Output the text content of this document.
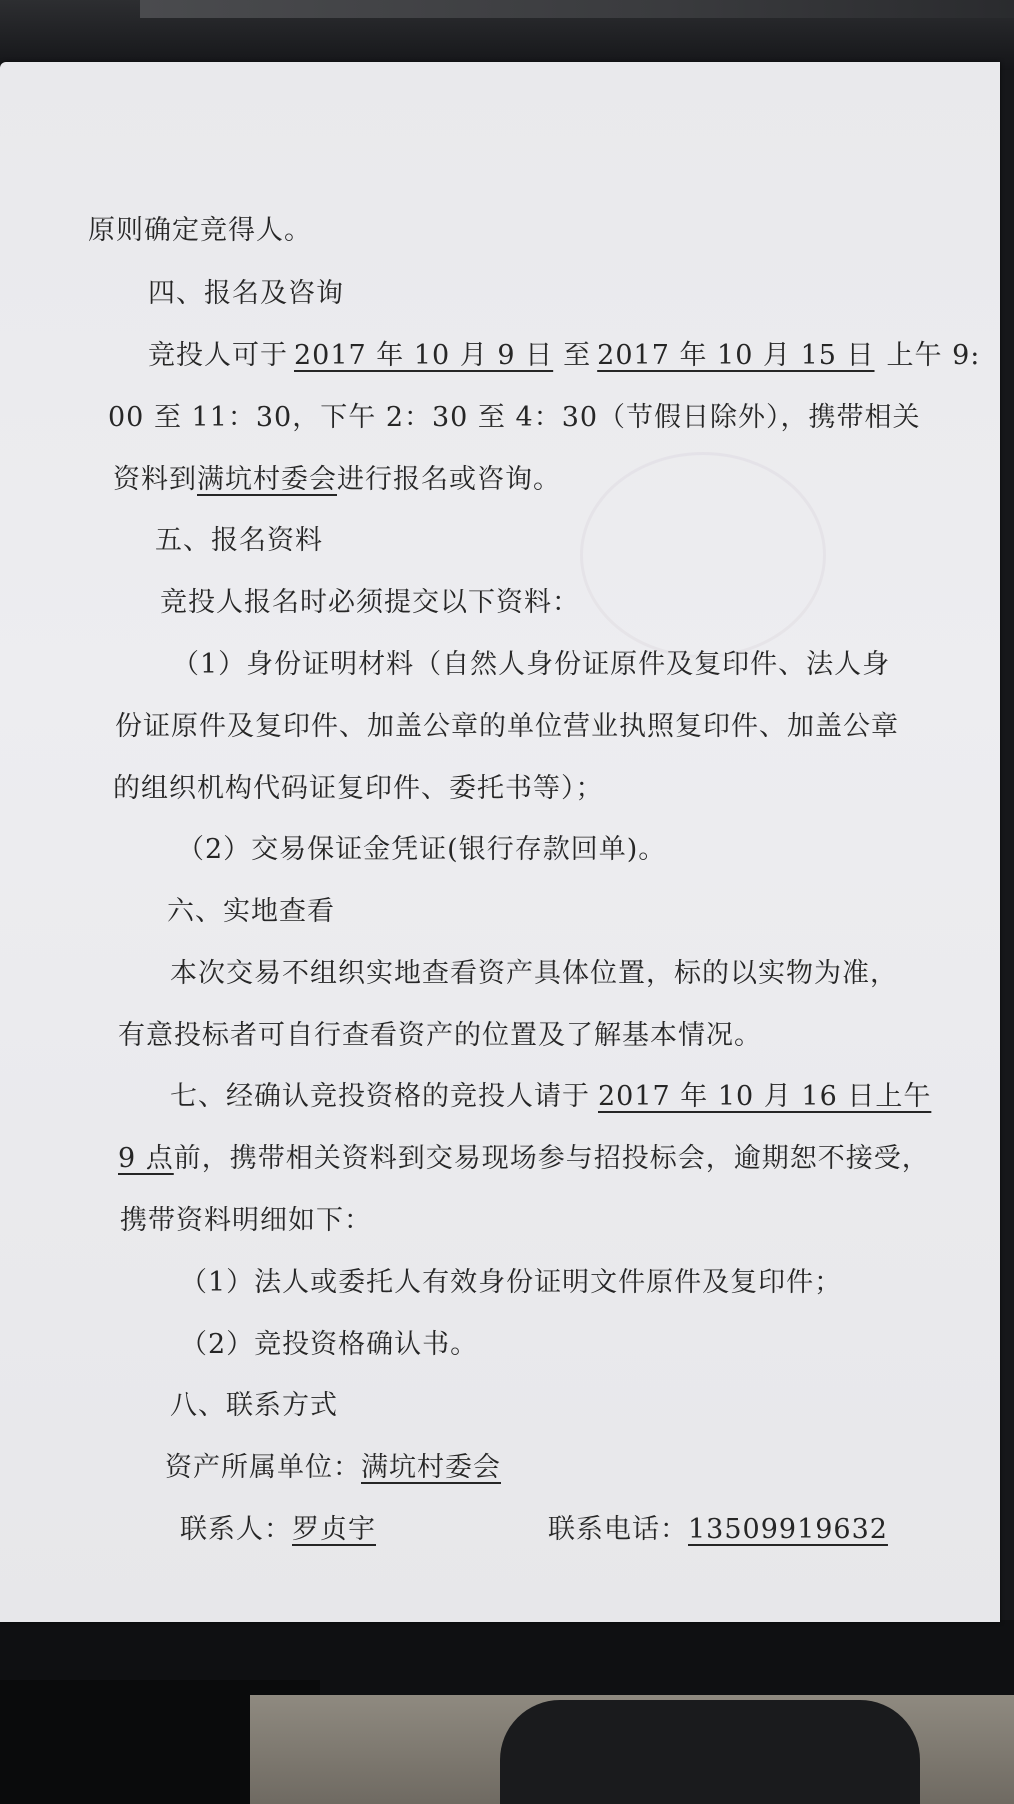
原则确定竞得人。
四、报名及咨询
竞投人可于 2017 年 10 月 9 日 至 2017 年 10 月 15 日 上午 9:
00 至 11：30，下午 2：30 至 4：30（节假日除外），携带相关
资料到满坑村委会进行报名或咨询。
五、报名资料
竞投人报名时必须提交以下资料：
（1）身份证明材料（自然人身份证原件及复印件、法人身
份证原件及复印件、加盖公章的单位营业执照复印件、加盖公章
的组织机构代码证复印件、委托书等）；
（2）交易保证金凭证(银行存款回单)。
六、实地查看
本次交易不组织实地查看资产具体位置，标的以实物为准，
有意投标者可自行查看资产的位置及了解基本情况。
七、经确认竞投资格的竞投人请于 2017 年 10 月 16 日上午
9 点前，携带相关资料到交易现场参与招投标会，逾期恕不接受，
携带资料明细如下：
（1）法人或委托人有效身份证明文件原件及复印件；
（2）竞投资格确认书。
八、联系方式
资产所属单位：满坑村委会
联系人：罗贞宇	联系电话：13509919632
